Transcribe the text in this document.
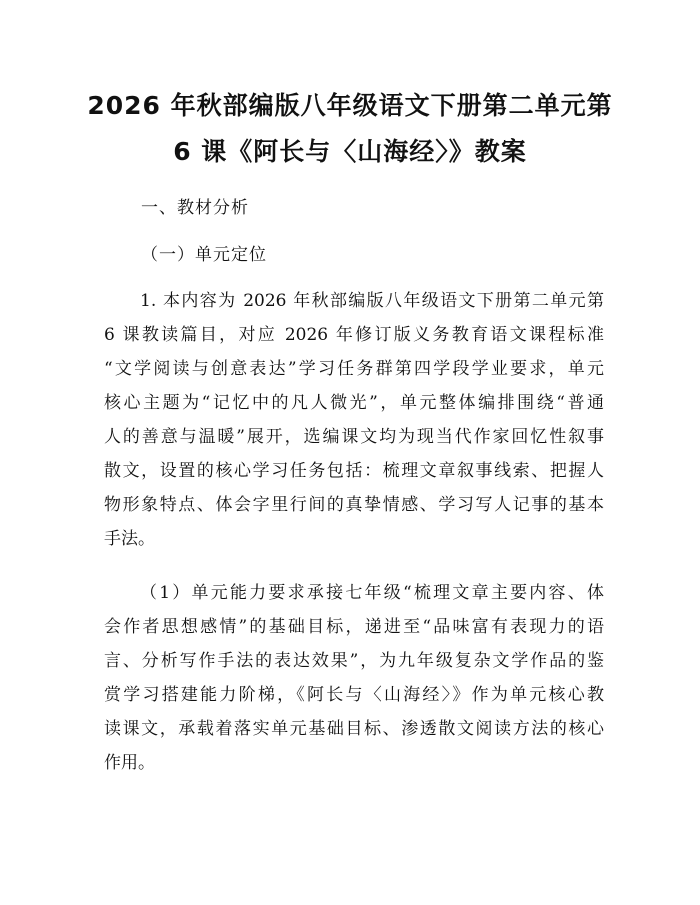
2026 年秋部编版八年级语文下册第二单元第
6 课《阿长与〈山海经〉》教案
一、教材分析
（一）单元定位
1. 本内容为 2026 年秋部编版八年级语文下册第二单元第
6 课教读篇目，对应 2026 年修订版义务教育语文课程标准
“文学阅读与创意表达”学习任务群第四学段学业要求，单元
核心主题为“记忆中的凡人微光”，单元整体编排围绕“普通
人的善意与温暖”展开，选编课文均为现当代作家回忆性叙事
散文，设置的核心学习任务包括：梳理文章叙事线索、把握人
物形象特点、体会字里行间的真挚情感、学习写人记事的基本
手法。
（1）单元能力要求承接七年级“梳理文章主要内容、体
会作者思想感情”的基础目标，递进至“品味富有表现力的语
言、分析写作手法的表达效果”，为九年级复杂文学作品的鉴
赏学习搭建能力阶梯，《阿长与〈山海经〉》作为单元核心教
读课文，承载着落实单元基础目标、渗透散文阅读方法的核心
作用。
